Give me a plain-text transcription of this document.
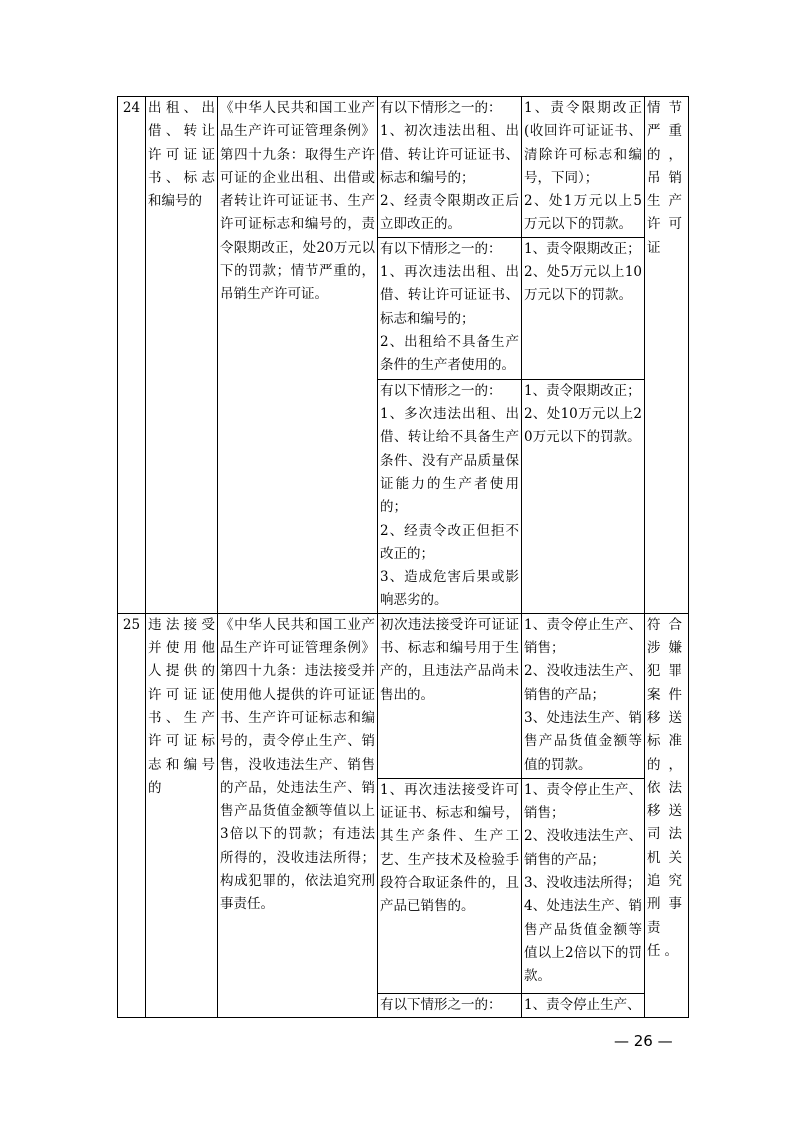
24	出租、出借、转让许可证证书、标志和编号的	《中华人民共和国工业产品生产许可证管理条例》第四十九条：取得生产许可证的企业出租、出借或者转让许可证证书、生产许可证标志和编号的，责令限期改正，处20万元以下的罚款；情节严重的，吊销生产许可证。	有以下情形之一的：
1、初次违法出租、出借、转让许可证证书、标志和编号的；
2、经责令限期改正后立即改正的。	1、责令限期改正(收回许可证证书、清除许可标志和编号，下同）；
2、处1万元以上5万元以下的罚款。	情节严重的，吊销生产许可证

			有以下情形之一的：
1、再次违法出租、出借、转让许可证证书、标志和编号的；
2、出租给不具备生产条件的生产者使用的。	1、责令限期改正；
2、处5万元以上10万元以下的罚款。	

			有以下情形之一的：
1、多次违法出租、出借、转让给不具备生产条件、没有产品质量保证能力的生产者使用的；
2、经责令改正但拒不改正的；
3、造成危害后果或影响恶劣的。	1、责令限期改正；
2、处10万元以上20万元以下的罚款。	

25	违法接受并使用他人提供的许可证证书、生产许可证标志和编号的	《中华人民共和国工业产品生产许可证管理条例》第四十九条：违法接受并使用他人提供的许可证证书、生产许可证标志和编号的，责令停止生产、销售，没收违法生产、销售的产品，处违法生产、销售产品货值金额等值以上3倍以下的罚款；有违法所得的，没收违法所得；构成犯罪的，依法追究刑事责任。	初次违法接受许可证证书、标志和编号用于生产的，且违法产品尚未售出的。	1、责令停止生产、销售；
2、没收违法生产、销售的产品；
3、处违法生产、销售产品货值金额等值的罚款。	符合涉嫌犯罪案件移送标准的，依法移送司法机关追究刑事责任。

			1、再次违法接受许可证证书、标志和编号，其生产条件、生产工艺、生产技术及检验手段符合取证条件的，且产品已销售的。	1、责令停止生产、销售；
2、没收违法生产、销售的产品；
3、没收违法所得；
4、处违法生产、销售产品货值金额等值以上2倍以下的罚款。	

			有以下情形之一的：	1、责令停止生产、	
— 26 —
